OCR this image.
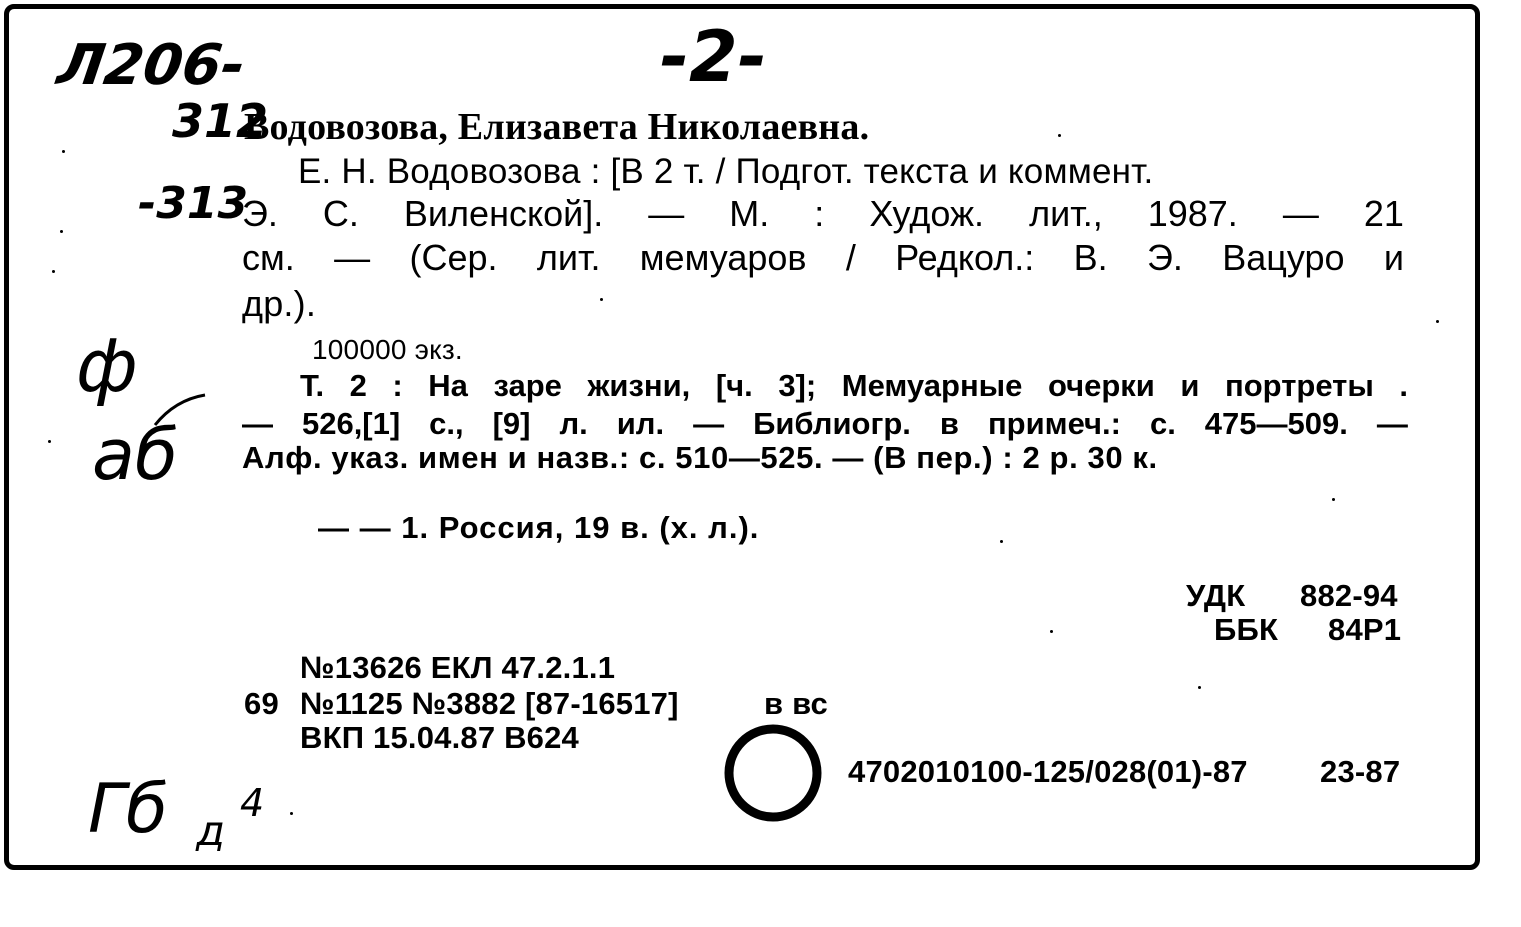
Л206-	-2-
312
-313
ф
аб
Гб д
4
Водовозова, Елизавета Николаевна.
Е. Н. Водовозова : [В 2 т. / Подгот. текста и коммент.
Э. С. Виленской]. — М. : Худож. лит., 1987. — 21
см. — (Сер. лит. мемуаров / Редкол.: В. Э. Вацуро и
др.).
100000 экз.
Т. 2 : На заре жизни, [ч. 3]; Мемуарные очерки и портреты .
— 526,[1] с., [9] л. ил. — Библиогр. в примеч.: с. 475—509. —
Алф. указ. имен и назв.: с. 510—525. — (В пер.) : 2 р. 30 к.
— — 1. Россия, 19 в. (х. л.).
УДК 882-94
ББК 84Р1
№13626 ЕКЛ 47.2.1.1
69 №1125 №3882 [87-16517]	в вс
ВКП 15.04.87 В624
4702010100-125/028(01)-87 23-87
